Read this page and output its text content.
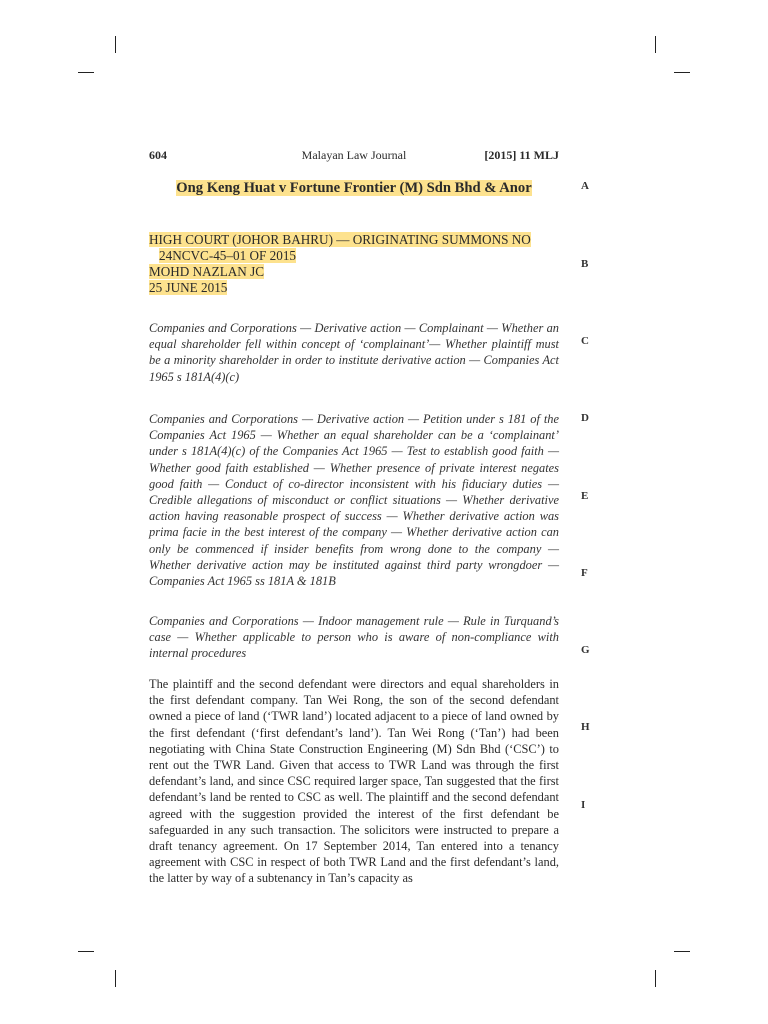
604	Malayan Law Journal	[2015] 11 MLJ
Ong Keng Huat v Fortune Frontier (M) Sdn Bhd & Anor
HIGH COURT (JOHOR BAHRU) — ORIGINATING SUMMONS NO
24NCVC-45–01 OF 2015
MOHD NAZLAN JC
25 JUNE 2015
Companies and Corporations — Derivative action — Complainant — Whether an equal shareholder fell within concept of ‘complainant’— Whether plaintiff must be a minority shareholder in order to institute derivative action — Companies Act 1965 s 181A(4)(c)
Companies and Corporations — Derivative action — Petition under s 181 of the Companies Act 1965 — Whether an equal shareholder can be a ‘complainant’ under s 181A(4)(c) of the Companies Act 1965 — Test to establish good faith — Whether good faith established — Whether presence of private interest negates good faith — Conduct of co-director inconsistent with his fiduciary duties — Credible allegations of misconduct or conflict situations — Whether derivative action having reasonable prospect of success — Whether derivative action was prima facie in the best interest of the company — Whether derivative action can only be commenced if insider benefits from wrong done to the company — Whether derivative action may be instituted against third party wrongdoer — Companies Act 1965 ss 181A & 181B
Companies and Corporations — Indoor management rule — Rule in Turquand’s case — Whether applicable to person who is aware of non-compliance with internal procedures
The plaintiff and the second defendant were directors and equal shareholders in the first defendant company. Tan Wei Rong, the son of the second defendant owned a piece of land (‘TWR land’) located adjacent to a piece of land owned by the first defendant (‘first defendant’s land’). Tan Wei Rong (‘Tan’) had been negotiating with China State Construction Engineering (M) Sdn Bhd (‘CSC’) to rent out the TWR Land. Given that access to TWR Land was through the first defendant’s land, and since CSC required larger space, Tan suggested that the first defendant’s land be rented to CSC as well. The plaintiff and the second defendant agreed with the suggestion provided the interest of the first defendant be safeguarded in any such transaction. The solicitors were instructed to prepare a draft tenancy agreement. On 17 September 2014, Tan entered into a tenancy agreement with CSC in respect of both TWR Land and the first defendant’s land, the latter by way of a subtenancy in Tan’s capacity as
A
B
C
D
E
F
G
H
I
